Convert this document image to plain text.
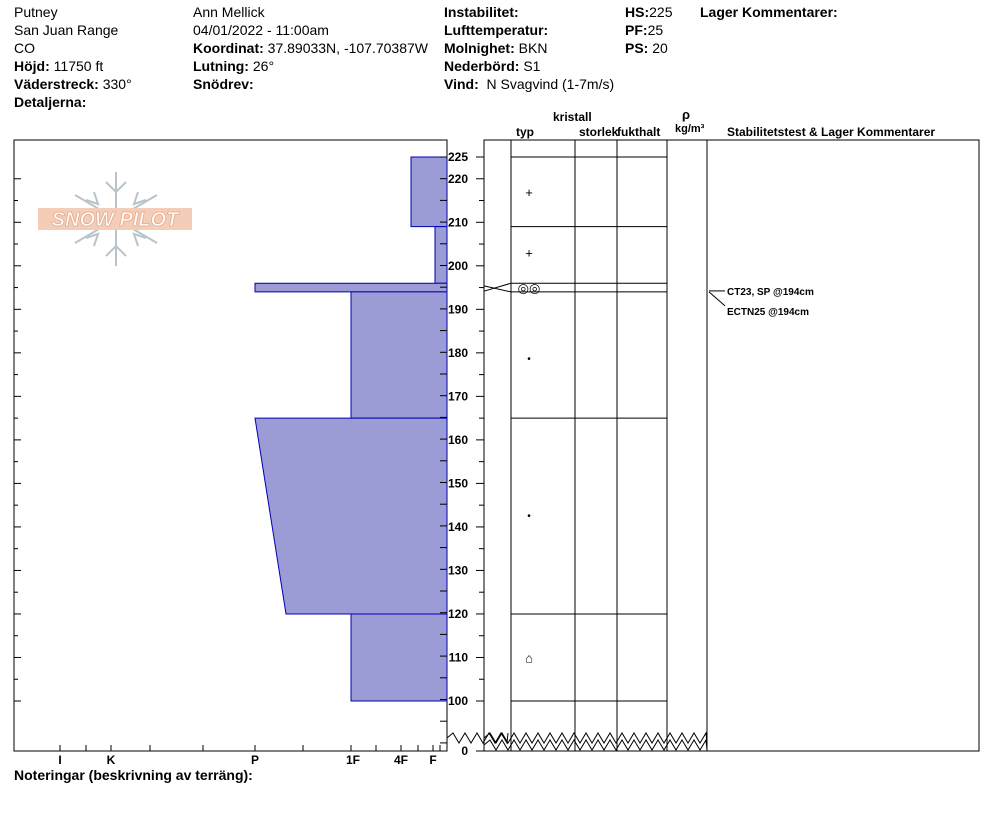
Putney
San Juan Range
CO
Höjd: 11750 ft
Väderstreck: 330°
Detaljerna:
Ann Mellick
04/01/2022 - 11:00am
Koordinat: 37.89033N, -107.70387W
Lutning: 26°
Snödrev:
Instabilitet:
Lufttemperatur:
Molnighet: BKN
Nederbörd: S1
Vind: N Svagvind (1-7m/s)
HS:225
PF:25
PS: 20
Lager Kommentarer:
kristall
typ	storlek
fukthalt
ρ
kg/m³ Stabilitetstest & Lager Kommentarer
Noteringar (beskrivning av terräng):
SNOW PILOT
I	K	P	1F	4F F
0
100
110
120
130
140
150
160
170
180
190
200
210
220
225
+
+
◎◎
•
•
⌂
CT23, SP @194cm
ECTN25 @194cm
